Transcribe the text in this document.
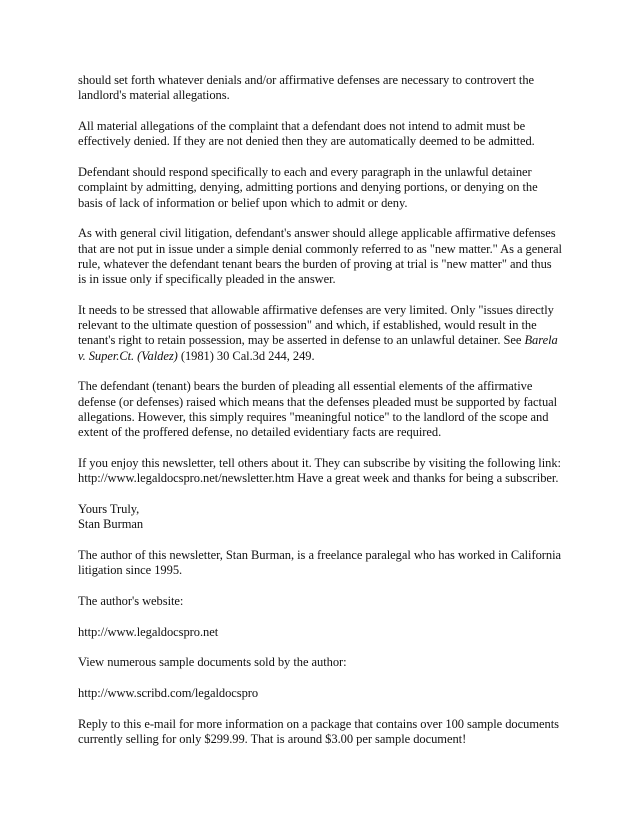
should set forth whatever denials and/or affirmative defenses are necessary to controvert the landlord's material allegations.

All material allegations of the complaint that a defendant does not intend to admit must be effectively denied. If they are not denied then they are automatically deemed to be admitted.

Defendant should respond specifically to each and every paragraph in the unlawful detainer complaint by admitting, denying, admitting portions and denying portions, or denying on the basis of lack of information or belief upon which to admit or deny.

As with general civil litigation, defendant's answer should allege applicable affirmative defenses that are not put in issue under a simple denial commonly referred to as "new matter." As a general rule, whatever the defendant tenant bears the burden of proving at trial is "new matter" and thus is in issue only if specifically pleaded in the answer.

It needs to be stressed that allowable affirmative defenses are very limited. Only "issues directly relevant to the ultimate question of possession" and which, if established, would result in the tenant's right to retain possession, may be asserted in defense to an unlawful detainer. See Barela v. Super.Ct. (Valdez) (1981) 30 Cal.3d 244, 249.

The defendant (tenant) bears the burden of pleading all essential elements of the affirmative defense (or defenses) raised which means that the defenses pleaded must be supported by factual allegations. However, this simply requires "meaningful notice" to the landlord of the scope and extent of the proffered defense, no detailed evidentiary facts are required.

If you enjoy this newsletter, tell others about it. They can subscribe by visiting the following link: http://www.legaldocspro.net/newsletter.htm Have a great week and thanks for being a subscriber.

Yours Truly,
Stan Burman

The author of this newsletter, Stan Burman, is a freelance paralegal who has worked in California litigation since 1995.

The author's website:

http://www.legaldocspro.net

View numerous sample documents sold by the author:

http://www.scribd.com/legaldocspro

Reply to this e-mail for more information on a package that contains over 100 sample documents currently selling for only $299.99. That is around $3.00 per sample document!
